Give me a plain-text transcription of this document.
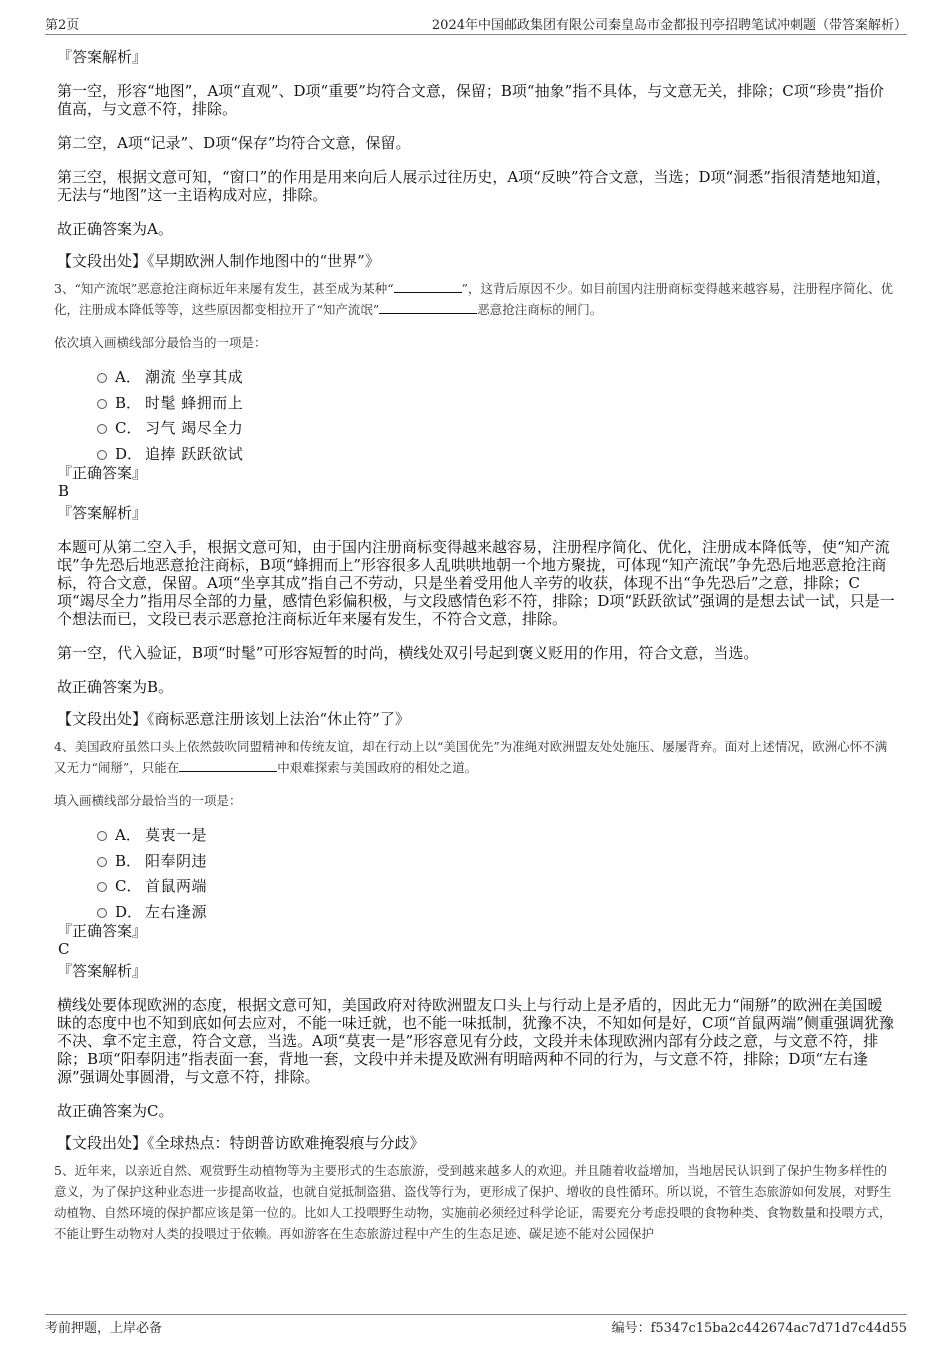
第2页	2024年中国邮政集团有限公司秦皇岛市金都报刊亭招聘笔试冲刺题（带答案解析）
『答案解析』

第一空，形容“地图”，A项“直观”、D项“重要”均符合文意，保留；B项“抽象”指不具体，与文意无关，排除；C项“珍贵”指价值高，与文意不符，排除。

第二空，A项“记录”、D项“保存”均符合文意，保留。

第三空，根据文意可知，“窗口”的作用是用来向后人展示过往历史，A项“反映”符合文意，当选；D项“洞悉”指很清楚地知道，无法与“地图”这一主语构成对应，排除。

故正确答案为A。

【文段出处】《早期欧洲人制作地图中的“世界”》

3、“知产流氓”恶意抢注商标近年来屡有发生，甚至成为某种“	”，这背后原因不少。如目前国内注册商标变得越来越容易，注册程序简化、优化，注册成本降低等等，这些原因都变相拉开了“知产流氓”	恶意抢注商标的闸门。

依次填入画横线部分最恰当的一项是：

A． 潮流 坐享其成
B． 时髦 蜂拥而上
C． 习气 竭尽全力
D． 追捧 跃跃欲试
『正确答案』
B
『答案解析』

本题可从第二空入手，根据文意可知，由于国内注册商标变得越来越容易，注册程序简化、优化，注册成本降低等，使“知产流氓”争先恐后地恶意抢注商标，B项“蜂拥而上”形容很多人乱哄哄地朝一个地方聚拢，可体现“知产流氓”争先恐后地恶意抢注商标，符合文意，保留。A项“坐享其成”指自己不劳动，只是坐着受用他人辛劳的收获，体现不出“争先恐后”之意，排除；C项“竭尽全力”指用尽全部的力量，感情色彩偏积极，与文段感情色彩不符，排除；D项“跃跃欲试”强调的是想去试一试，只是一个想法而已，文段已表示恶意抢注商标近年来屡有发生，不符合文意，排除。

第一空，代入验证，B项“时髦”可形容短暂的时尚，横线处双引号起到褒义贬用的作用，符合文意，当选。

故正确答案为B。

【文段出处】《商标恶意注册该划上法治“休止符”了》

4、美国政府虽然口头上依然鼓吹同盟精神和传统友谊，却在行动上以“美国优先”为准绳对欧洲盟友处处施压、屡屡背弃。面对上述情况，欧洲心怀不满又无力“闹掰”，只能在	中艰难探索与美国政府的相处之道。

填入画横线部分最恰当的一项是：

A． 莫衷一是
B． 阳奉阴违
C． 首鼠两端
D． 左右逢源
『正确答案』
C
『答案解析』

横线处要体现欧洲的态度，根据文意可知，美国政府对待欧洲盟友口头上与行动上是矛盾的，因此无力“闹掰”的欧洲在美国暧昧的态度中也不知到底如何去应对，不能一味迁就，也不能一味抵制，犹豫不决，不知如何是好，C项“首鼠两端”侧重强调犹豫不决、拿不定主意，符合文意，当选。A项“莫衷一是”形容意见有分歧，文段并未体现欧洲内部有分歧之意，与文意不符，排除；B项“阳奉阴违”指表面一套，背地一套，文段中并未提及欧洲有明暗两种不同的行为，与文意不符，排除；D项“左右逢源”强调处事圆滑，与文意不符，排除。

故正确答案为C。

【文段出处】《全球热点：特朗普访欧难掩裂痕与分歧》

5、近年来，以亲近自然、观赏野生动植物等为主要形式的生态旅游，受到越来越多人的欢迎。并且随着收益增加，当地居民认识到了保护生物多样性的意义，为了保护这种业态进一步提高收益，也就自觉抵制盗猎、盗伐等行为，更形成了保护、增收的良性循环。所以说，不管生态旅游如何发展，对野生动植物、自然环境的保护都应该是第一位的。比如人工投喂野生动物，实施前必须经过科学论证，需要充分考虑投喂的食物种类、食物数量和投喂方式，不能让野生动物对人类的投喂过于依赖。再如游客在生态旅游过程中产生的生态足迹、碳足迹不能对公园保护

考前押题，上岸必备	编号：f5347c15ba2c442674ac7d71d7c44d55
